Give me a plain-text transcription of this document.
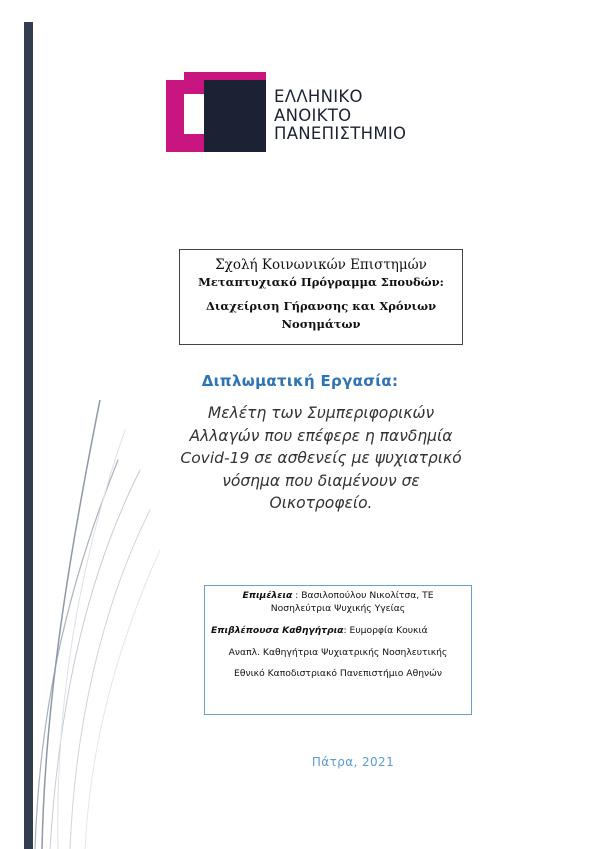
ΕΛΛΗΝΙΚΟ
ΑΝΟΙΚΤΟ
ΠΑΝΕΠΙΣΤΗΜΙΟ
Σχολή Κοινωνικών Επιστημών
Μεταπτυχιακό Πρόγραμμα Σπουδών:
Διαχείριση Γήρανσης και Χρόνιων Νοσημάτων
Διπλωματική Εργασία:
Μελέτη των Συμπεριφορικών Αλλαγών που επέφερε η πανδημία Covid-19 σε ασθενείς με ψυχιατρικό νόσημα που διαμένουν σε Οικοτροφείο.

Επιμέλεια : Βασιλοπούλου Νικολίτσα, ΤΕ Νοσηλεύτρια Ψυχικής Υγείας

Επιβλέπουσα Καθηγήτρια: Ευμορφία Κουκιά

Αναπλ. Καθηγήτρια Ψυχιατρικής Νοσηλευτικής

Εθνικό Καποδιστριακό Πανεπιστήμιο Αθηνών

Πάτρα, 2021
